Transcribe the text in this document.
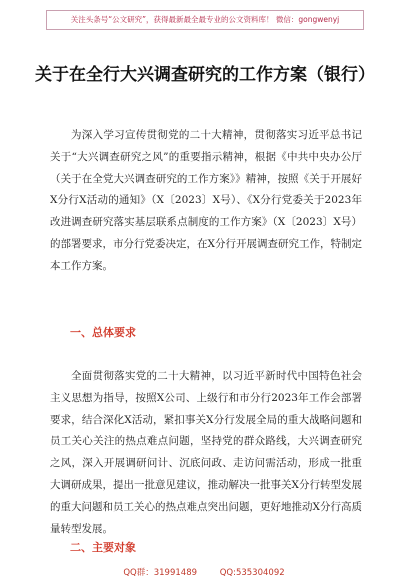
关注头条号“公文研究”，获得最新最全最专业的公文资料库！ 微信：gongwenyj
关于在全行大兴调查研究的工作方案（银行）

为深入学习宣传贯彻党的二十大精神，贯彻落实习近平总书记关于“大兴调查研究之风”的重要指示精神，根据《中共中央办公厅（关于在全党大兴调查研究的工作方案》》精神，按照《关于开展好X分行X活动的通知》（X〔2023〕X号）、《X分行党委关于2023年改进调查研究落实基层联系点制度的工作方案》（X〔2023〕X号）的部署要求，市分行党委决定，在X分行开展调查研究工作，特制定本工作方案。

一、总体要求

全面贯彻落实党的二十大精神，以习近平新时代中国特色社会主义思想为指导，按照X公司、上级行和市分行2023年工作会部署要求，结合深化X活动，紧扣事关X分行发展全局的重大战略问题和员工关心关注的热点难点问题，坚持党的群众路线，大兴调查研究之风，深入开展调研问计、沉底问政、走访问需活动，形成一批重大调研成果，提出一批意见建议，推动解决一批事关X分行转型发展的重大问题和员工关心的热点难点突出问题，更好地推动X分行高质量转型发展。

二、主要对象
QQ群：31991489	QQ:535304092
